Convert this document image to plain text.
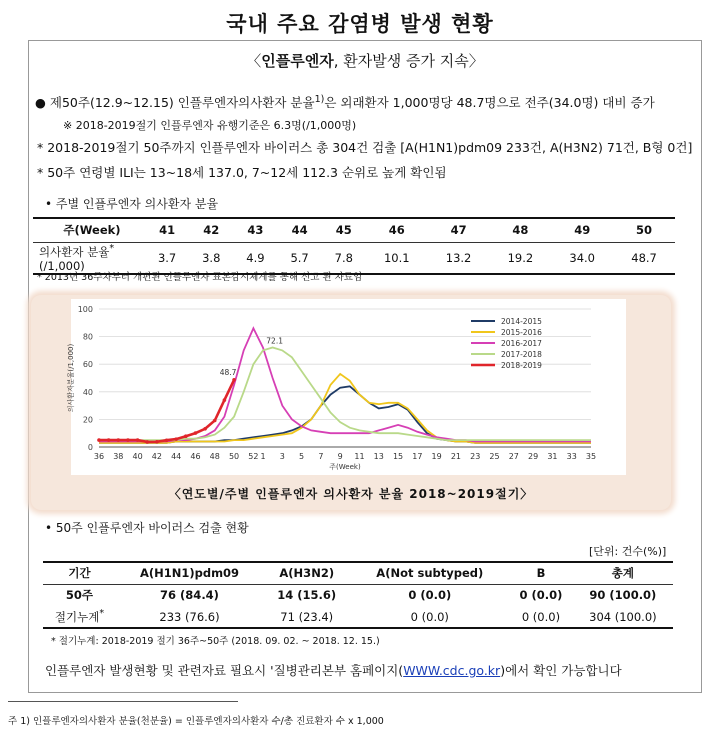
국내 주요 감염병 발생 현황
〈인플루엔자, 환자발생 증가 지속〉
● 제50주(12.9~12.15) 인플루엔자의사환자 분율$^{1)}$은 외래환자 1,000명당 48.7명으로 전주(34.0명) 대비 증가
※ 2018-2019절기 인플루엔자 유행기준은 6.3명(/1,000명)
* 2018-2019절기 50주까지 인플루엔자 바이러스 총 304건 검출 [A(H1N1)pdm09 233건, A(H3N2) 71건, B형 0건]
* 50주 연령별 ILI는 13~18세 137.0, 7~12세 112.3 순위로 높게 확인됨
• 주별 인플루엔자 의사환자 분율
주(Week)	41	42	43	44	45	46	47	48	49	50
의사환자 분율*(/1,000)	3.7	3.8	4.9	5.7	7.8	10.1	13.2	19.2	34.0	48.7
* 2013년 36주차부터 개편된 인플루엔자 표본감시체계를 통해 신고 된 자료임
0
20
40
60
80
100
36 38 40 42 44 46 48 50 52 1 3 5 7 9 11 13 15 17 19 21 23 25 27 29 31 33 35
주(Week)
의사환자분율(/1,000)
72.1
48.7
2014-2015
2015-2016
2016-2017
2017-2018
2018-2019
〈연도별/주별 인플루엔자 의사환자 분율 2018~2019절기〉
• 50주 인플루엔자 바이러스 검출 현황
[단위: 건수(%)]
기간	A(H1N1)pdm09	A(H3N2)	A(Not subtyped)	B	총계
50주	76 (84.4)	14 (15.6)	0 (0.0)	0 (0.0)	90 (100.0)
절기누계*	233 (76.6)	71 (23.4)	0 (0.0)	0 (0.0)	304 (100.0)
* 절기누계: 2018-2019 절기 36주~50주 (2018. 09. 02. ~ 2018. 12. 15.)
인플루엔자 발생현황 및 관련자료 필요시 '질병관리본부 홈페이지(WWW.cdc.go.kr)에서 확인 가능합니다
주 1) 인플루엔자의사환자 분율(천분율) = 인플루엔자의사환자 수/총 진료환자 수 x 1,000
